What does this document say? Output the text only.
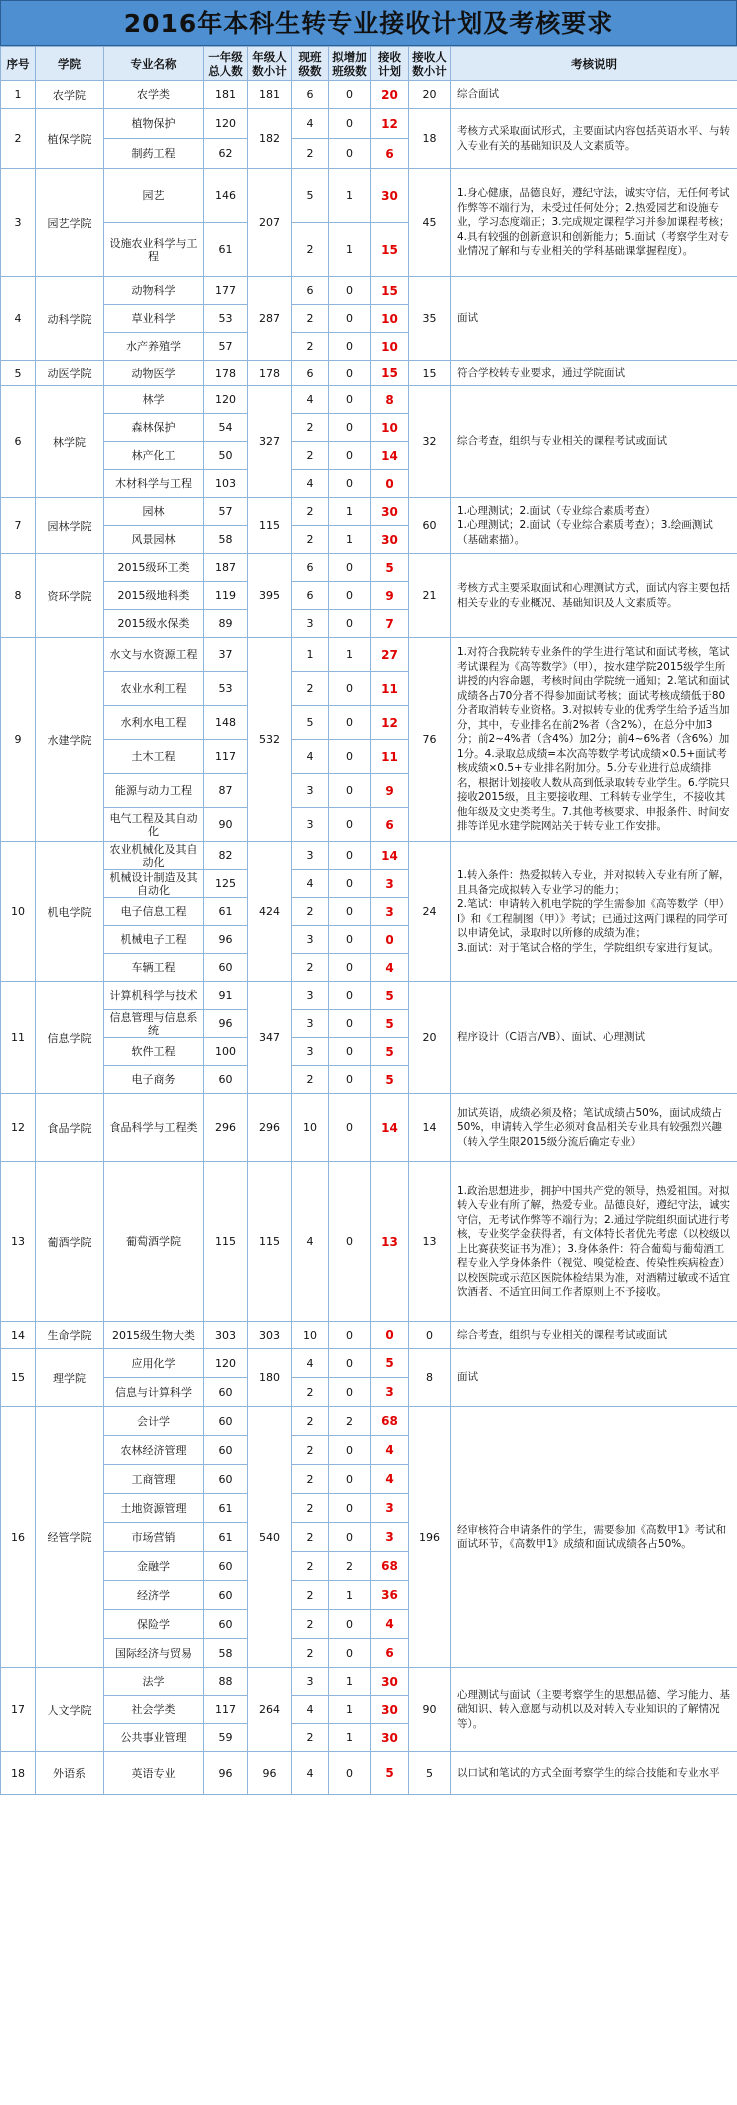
2016年本科生转专业接收计划及考核要求
序号	学院	专业名称	一年级总人数	年级人数小计	现班级数	拟增加班级数	接收计划	接收人数小计	考核说明
1	农学院	农学类	181	181	6	0	20	20	综合面试
2	植保学院	植物保护	120	182	4	0	12	18	考核方式采取面试形式，主要面试内容包括英语水平、与转入专业有关的基础知识及人文素质等。
		制药工程	62		2	0	6		
3	园艺学院	园艺	146	207	5	1	30	45	1.身心健康，品德良好，遵纪守法，诚实守信，无任何考试作弊等不端行为，未受过任何处分；2.热爱园艺和设施专业，学习态度端正；3.完成规定课程学习并参加课程考核；4.具有较强的创新意识和创新能力；5.面试（考察学生对专业情况了解和与专业相关的学科基础课掌握程度）。
		设施农业科学与工程	61		2	1	15		
4	动科学院	动物科学	177	287	6	0	15	35	面试
		草业科学	53		2	0	10		
		水产养殖学	57		2	0	10		
5	动医学院	动物医学	178	178	6	0	15	15	符合学校转专业要求，通过学院面试
6	林学院	林学	120	327	4	0	8	32	综合考查，组织与专业相关的课程考试或面试
		森林保护	54		2	0	10		
		林产化工	50		2	0	14		
		木材科学与工程	103		4	0	0		
7	园林学院	园林	57	115	2	1	30	60	1.心理测试；2.面试（专业综合素质考查）
1.心理测试；2.面试（专业综合素质考查）；3.绘画测试（基础素描）。
		风景园林	58		2	1	30		
8	资环学院	2015级环工类	187	395	6	0	5	21	考核方式主要采取面试和心理测试方式，面试内容主要包括相关专业的专业概况、基础知识及人文素质等。
		2015级地科类	119		6	0	9		
		2015级水保类	89		3	0	7		
9	水建学院	水文与水资源工程	37	532	1	1	27	76	1.对符合我院转专业条件的学生进行笔试和面试考核，笔试考试课程为《高等数学》（甲），按水建学院2015级学生所讲授的内容命题，考核时间由学院统一通知；2.笔试和面试成绩各占70分者不得参加面试考核；面试考核成绩低于80分者取消转专业资格。3.对拟转专业的优秀学生给予适当加分，其中，专业排名在前2%者（含2%），在总分中加3分；前2~4%者（含4%）加2分；前4~6%者（含6%）加1分。4.录取总成绩=本次高等数学考试成绩×0.5+面试考核成绩×0.5+专业排名附加分。5.分专业进行总成绩排名，根据计划接收人数从高到低录取转专业学生。6.学院只接收2015级，且主要接收理、工科转专业学生，不接收其他年级及文史类考生。7.其他考核要求、申报条件、时间安排等详见水建学院网站关于转专业工作安排。
		农业水利工程	53		2	0	11		
		水利水电工程	148		5	0	12		
		土木工程	117		4	0	11		
		能源与动力工程	87		3	0	9		
		电气工程及其自动化	90		3	0	6		
10	机电学院	农业机械化及其自动化	82	424	3	0	14	24	1.转入条件：热爱拟转入专业，并对拟转入专业有所了解，且具备完成拟转入专业学习的能力；
2.笔试：申请转入机电学院的学生需参加《高等数学（甲）I》和《工程制图（甲）》考试；已通过这两门课程的同学可以申请免试，录取时以所修的成绩为准；
3.面试：对于笔试合格的学生，学院组织专家进行复试。
		机械设计制造及其自动化	125		4	0	3		
		电子信息工程	61		2	0	3		
		机械电子工程	96		3	0	0		
		车辆工程	60		2	0	4		
11	信息学院	计算机科学与技术	91	347	3	0	5	20	程序设计（C语言/VB）、面试、心理测试
		信息管理与信息系统	96		3	0	5		
		软件工程	100		3	0	5		
		电子商务	60		2	0	5		
12	食品学院	食品科学与工程类	296	296	10	0	14	14	加试英语，成绩必须及格；笔试成绩占50%，面试成绩占50%，申请转入学生必须对食品相关专业具有较强烈兴趣（转入学生限2015级分流后确定专业）
13	葡酒学院	葡萄酒学院	115	115	4	0	13	13	1.政治思想进步，拥护中国共产党的领导，热爱祖国。对拟转入专业有所了解，热爱专业。品德良好，遵纪守法，诚实守信，无考试作弊等不端行为；2.通过学院组织面试进行考核，专业奖学金获得者，有文体特长者优先考虑（以校级以上比赛获奖证书为准）；3.身体条件：符合葡萄与葡萄酒工程专业入学身体条件（视觉、嗅觉检查、传染性疾病检查）以校医院或示范区医院体检结果为准，对酒精过敏或不适宜饮酒者、不适宜田间工作者原则上不予接收。
14	生命学院	2015级生物大类	303	303	10	0	0	0	综合考查，组织与专业相关的课程考试或面试
15	理学院	应用化学	120	180	4	0	5	8	面试
		信息与计算科学	60		2	0	3		
16	经管学院	会计学	60	540	2	2	68	196	经审核符合申请条件的学生，需要参加《高数甲1》考试和面试环节，《高数甲1》成绩和面试成绩各占50%。
		农林经济管理	60		2	0	4		
		工商管理	60		2	0	4		
		土地资源管理	61		2	0	3		
		市场营销	61		2	0	3		
		金融学	60		2	2	68		
		经济学	60		2	1	36		
		保险学	60		2	0	4		
		国际经济与贸易	58		2	0	6		
17	人文学院	法学	88	264	3	1	30	90	心理测试与面试（主要考察学生的思想品德、学习能力、基础知识、转入意愿与动机以及对转入专业知识的了解情况等）。
		社会学类	117		4	1	30		
		公共事业管理	59		2	1	30		
18	外语系	英语专业	96	96	4	0	5	5	以口试和笔试的方式全面考察学生的综合技能和专业水平
